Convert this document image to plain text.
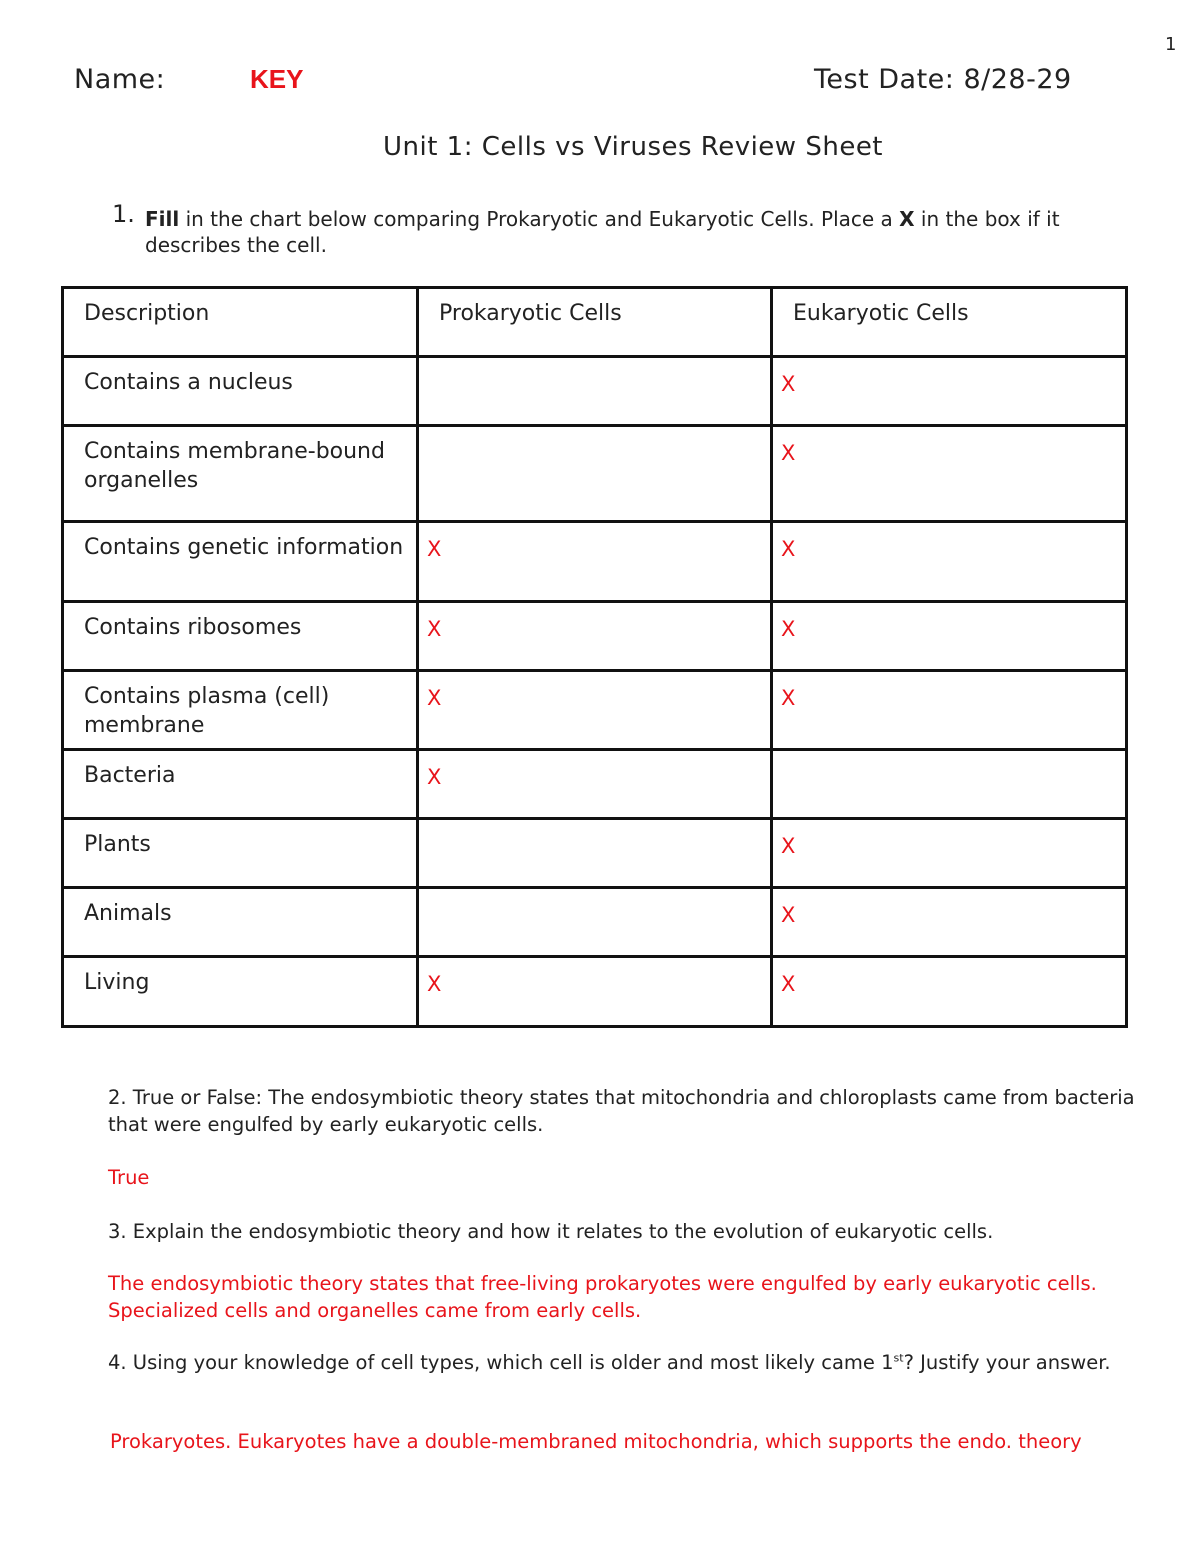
1
Name:	KEY	Test Date: 8/28-29
Unit 1: Cells vs Viruses Review Sheet
1. Fill in the chart below comparing Prokaryotic and Eukaryotic Cells. Place a X in the box if it describes the cell.
Description	Prokaryotic Cells	Eukaryotic Cells
Contains a nucleus		X
Contains membrane-bound organelles		X
Contains genetic information	X	X
Contains ribosomes	X	X
Contains plasma (cell) membrane	X	X
Bacteria	X	
Plants		X
Animals		X
Living	X	X
2. True or False: The endosymbiotic theory states that mitochondria and chloroplasts came from bacteria that were engulfed by early eukaryotic cells.
True
3. Explain the endosymbiotic theory and how it relates to the evolution of eukaryotic cells.
The endosymbiotic theory states that free-living prokaryotes were engulfed by early eukaryotic cells. Specialized cells and organelles came from early cells.
4. Using your knowledge of cell types, which cell is older and most likely came 1st? Justify your answer.
Prokaryotes. Eukaryotes have a double-membraned mitochondria, which supports the endo. theory
